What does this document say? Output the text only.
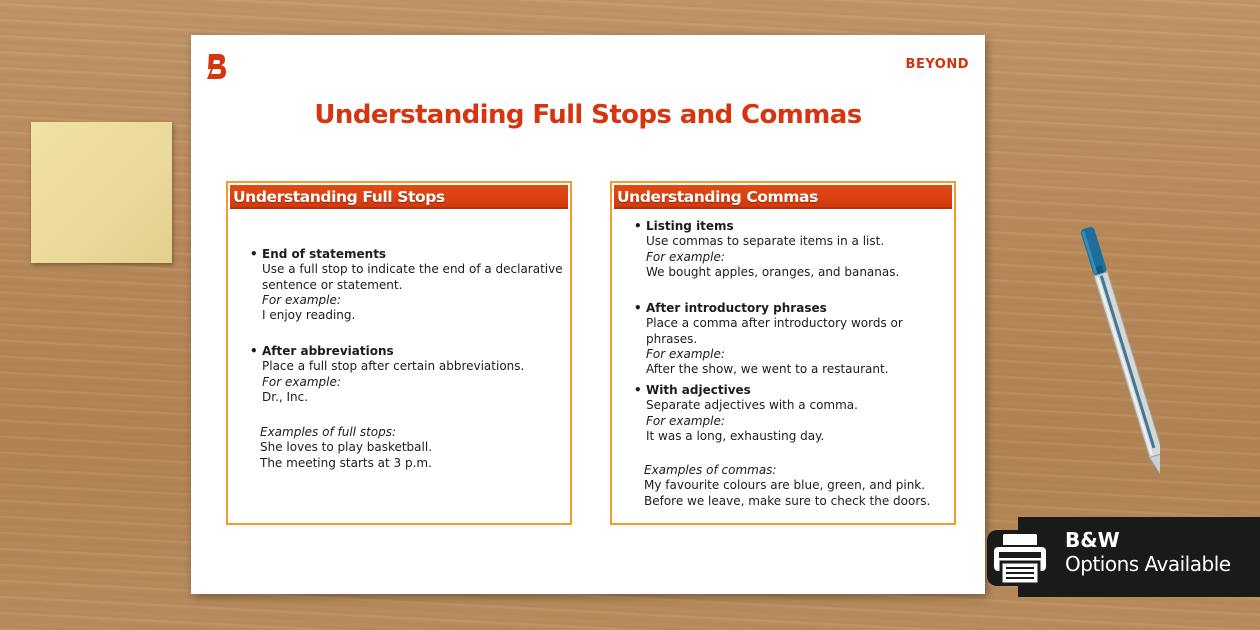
BEYOND
Understanding Full Stops and Commas
Understanding Full Stops
• End of statements
Use a full stop to indicate the end of a declarative
sentence or statement.
For example:
I enjoy reading.
• After abbreviations
Place a full stop after certain abbreviations.
For example:
Dr., Inc.
Examples of full stops:
She loves to play basketball.
The meeting starts at 3 p.m.
Understanding Commas
• Listing items
Use commas to separate items in a list.
For example:
We bought apples, oranges, and bananas.
• After introductory phrases
Place a comma after introductory words or phrases.
For example:
After the show, we went to a restaurant.
• With adjectives
Separate adjectives with a comma.
For example:
It was a long, exhausting day.
Examples of commas:
My favourite colours are blue, green, and pink.
Before we leave, make sure to check the doors.
B&W
Options Available
